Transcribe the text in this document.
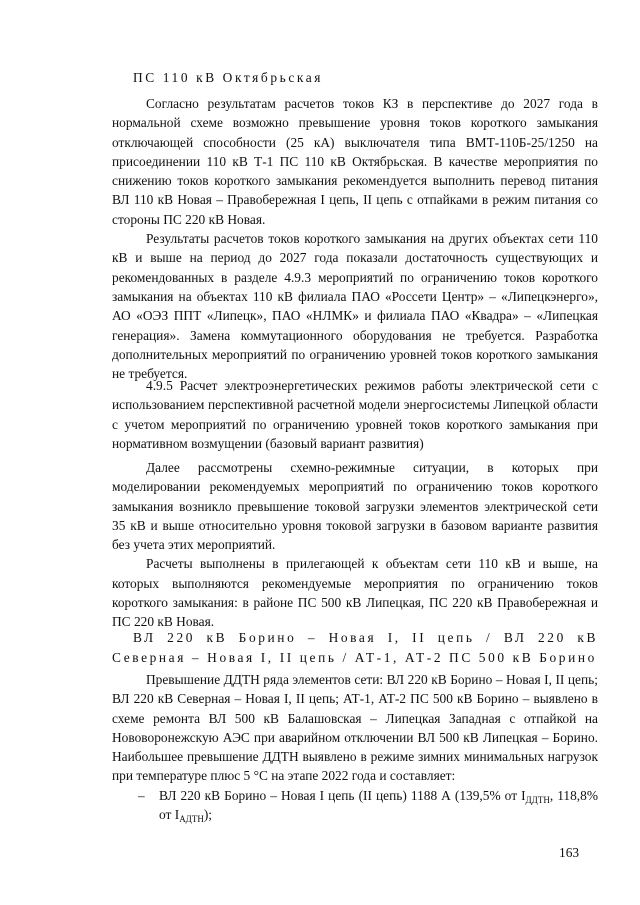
ПС 110 кВ Октябрьская

Согласно результатам расчетов токов КЗ в перспективе до 2027 года в нормальной схеме возможно превышение уровня токов короткого замыкания отключающей способности (25 кА) выключателя типа ВМТ-110Б-25/1250 на присоединении 110 кВ Т-1 ПС 110 кВ Октябрьская. В качестве мероприятия по снижению токов короткого замыкания рекомендуется выполнить перевод питания ВЛ 110 кВ Новая – Правобережная I цепь, II цепь с отпайками в режим питания со стороны ПС 220 кВ Новая.

Результаты расчетов токов короткого замыкания на других объектах сети 110 кВ и выше на период до 2027 года показали достаточность существующих и рекомендованных в разделе 4.9.3 мероприятий по ограничению токов короткого замыкания на объектах 110 кВ филиала ПАО «Россети Центр» – «Липецкэнерго», АО «ОЭЗ ППТ «Липецк», ПАО «НЛМК» и филиала ПАО «Квадра» – «Липецкая генерация». Замена коммутационного оборудования не требуется. Разработка дополнительных мероприятий по ограничению уровней токов короткого замыкания не требуется.

4.9.5 Расчет электроэнергетических режимов работы электрической сети с использованием перспективной расчетной модели энергосистемы Липецкой области с учетом мероприятий по ограничению уровней токов короткого замыкания при нормативном возмущении (базовый вариант развития)

Далее рассмотрены схемно-режимные ситуации, в которых при моделировании рекомендуемых мероприятий по ограничению токов короткого замыкания возникло превышение токовой загрузки элементов электрической сети 35 кВ и выше относительно уровня токовой загрузки в базовом варианте развития без учета этих мероприятий.

Расчеты выполнены в прилегающей к объектам сети 110 кВ и выше, на которых выполняются рекомендуемые мероприятия по ограничению токов короткого замыкания: в районе ПС 500 кВ Липецкая, ПС 220 кВ Правобережная и ПС 220 кВ Новая.

ВЛ 220 кВ Борино – Новая I, II цепь / ВЛ 220 кВ Северная – Новая I, II цепь / АТ-1, АТ-2 ПС 500 кВ Борино

Превышение ДДТН ряда элементов сети: ВЛ 220 кВ Борино – Новая I, II цепь; ВЛ 220 кВ Северная – Новая I, II цепь; АТ-1, АТ-2 ПС 500 кВ Борино – выявлено в схеме ремонта ВЛ 500 кВ Балашовская – Липецкая Западная с отпайкой на Нововоронежскую АЭС при аварийном отключении ВЛ 500 кВ Липецкая – Борино. Наибольшее превышение ДДТН выявлено в режиме зимних минимальных нагрузок при температуре плюс 5 °С на этапе 2022 года и составляет:

– ВЛ 220 кВ Борино – Новая I цепь (II цепь) 1188 А (139,5% от $I_{ДДТН}$, 118,8% от $I_{АДТН}$);

163
